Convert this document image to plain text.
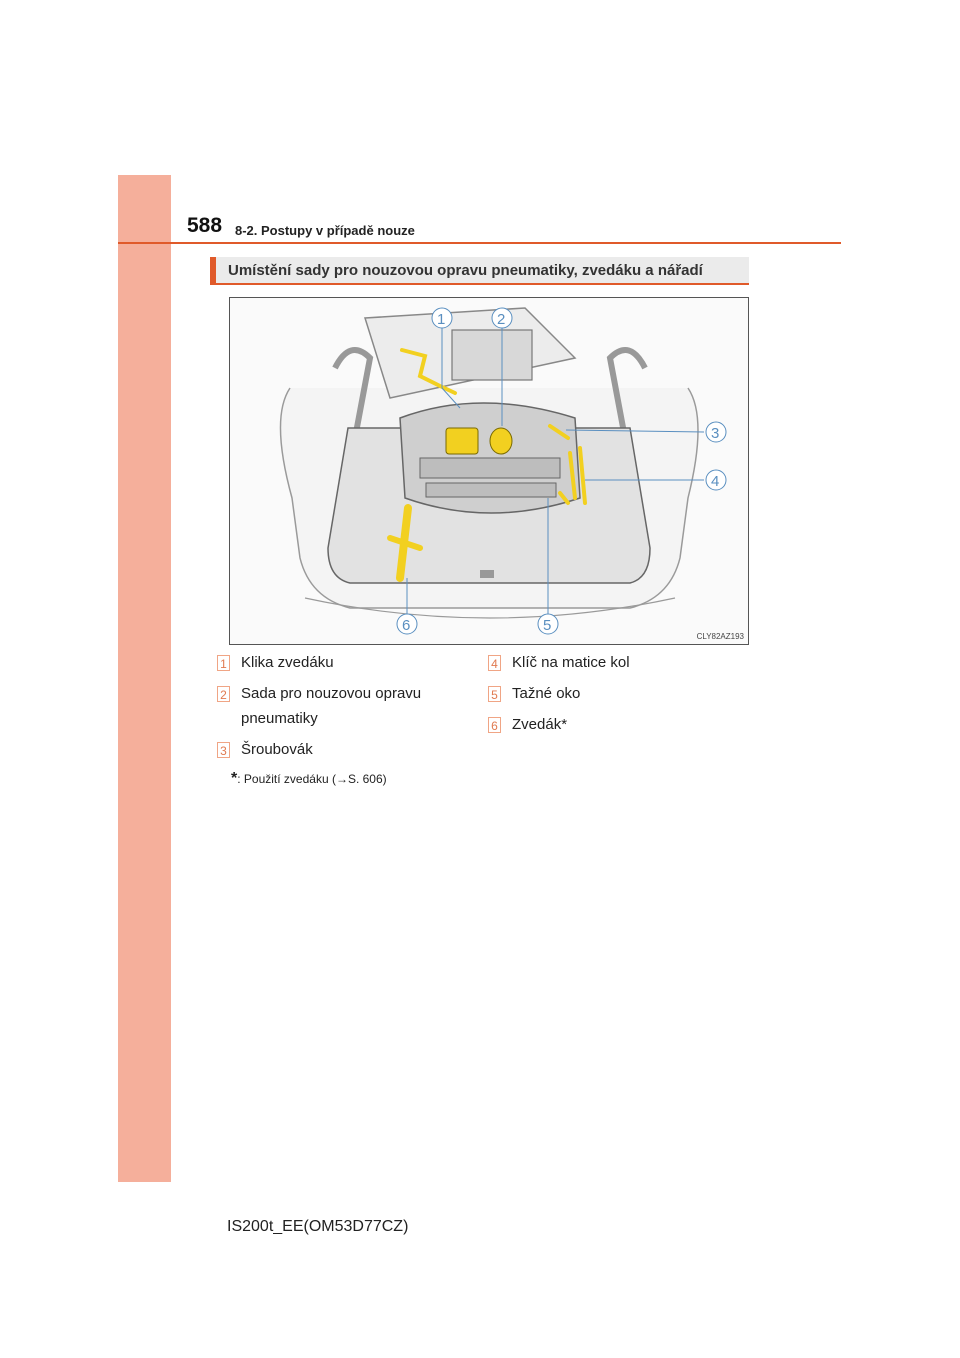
588 8-2. Postupy v případě nouze
Umístění sady pro nouzovou opravu pneumatiky, zvedáku a nářadí
1	2
3
4
5
6
CLY82AZ193
1 Klika zvedáku
2 Sada pro nouzovou opravu
pneumatiky
3 Šroubovák
4 Klíč na matice kol
5 Tažné oko
6 Zvedák*
*: Použití zvedáku (→S. 606)
IS200t_EE(OM53D77CZ)
